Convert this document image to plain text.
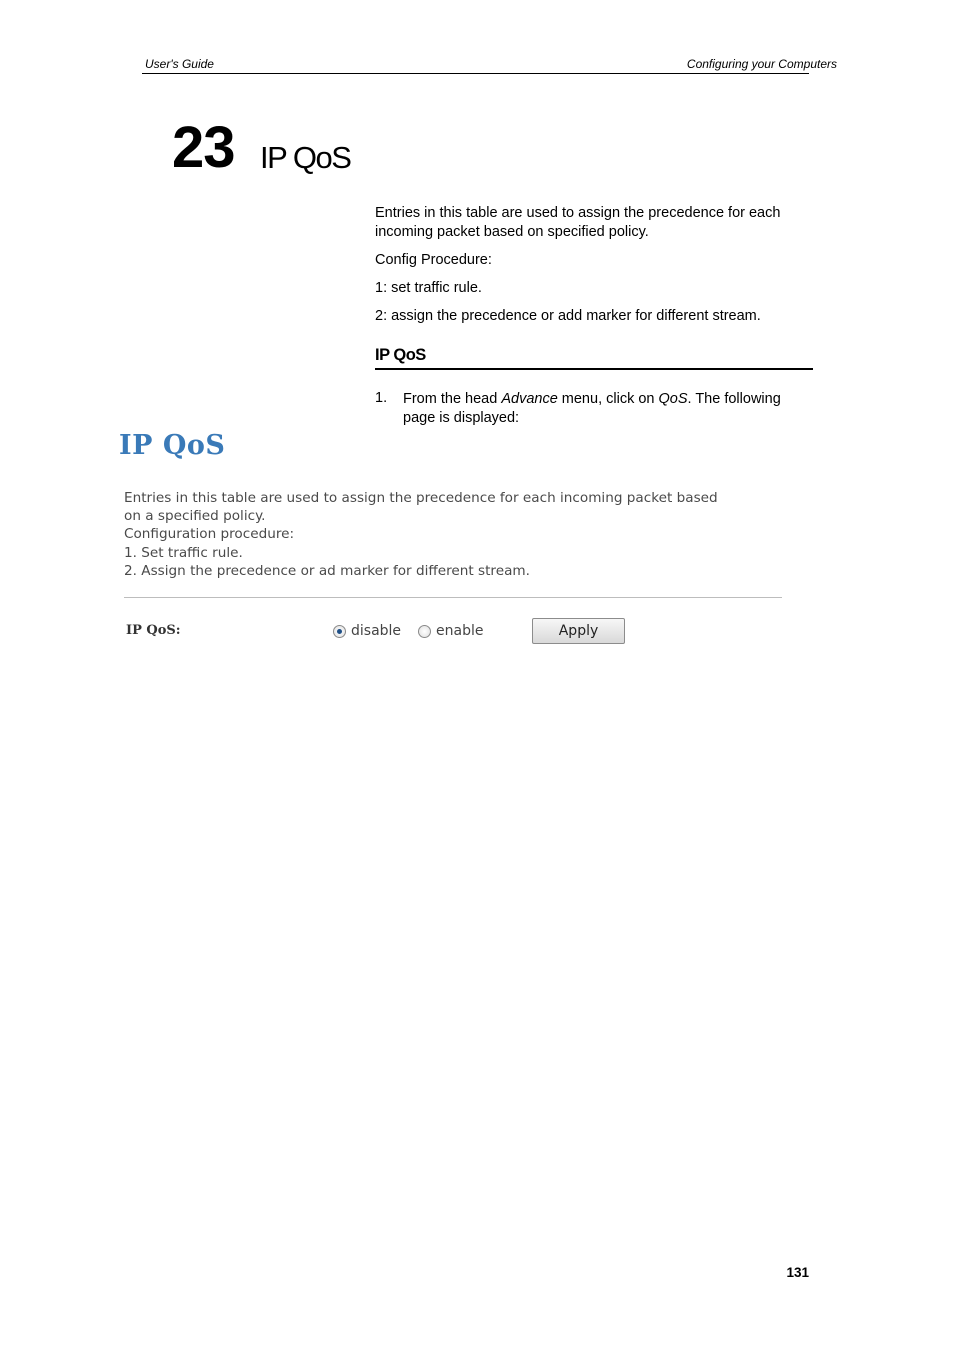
User's Guide	Configuring your Computers
23 IP QoS

Entries in this table are used to assign the precedence for each incoming packet based on specified policy.

Config Procedure:

1: set traffic rule.

2: assign the precedence or add marker for different stream.

IP QoS
1. From the head Advance menu, click on QoS. The following page is displayed:
IP QoS
Entries in this table are used to assign the precedence for each incoming packet based
on a specified policy.
Configuration procedure:
1. Set traffic rule.
2. Assign the precedence or ad marker for different stream.
IP QoS:	disable enable	Apply
131
